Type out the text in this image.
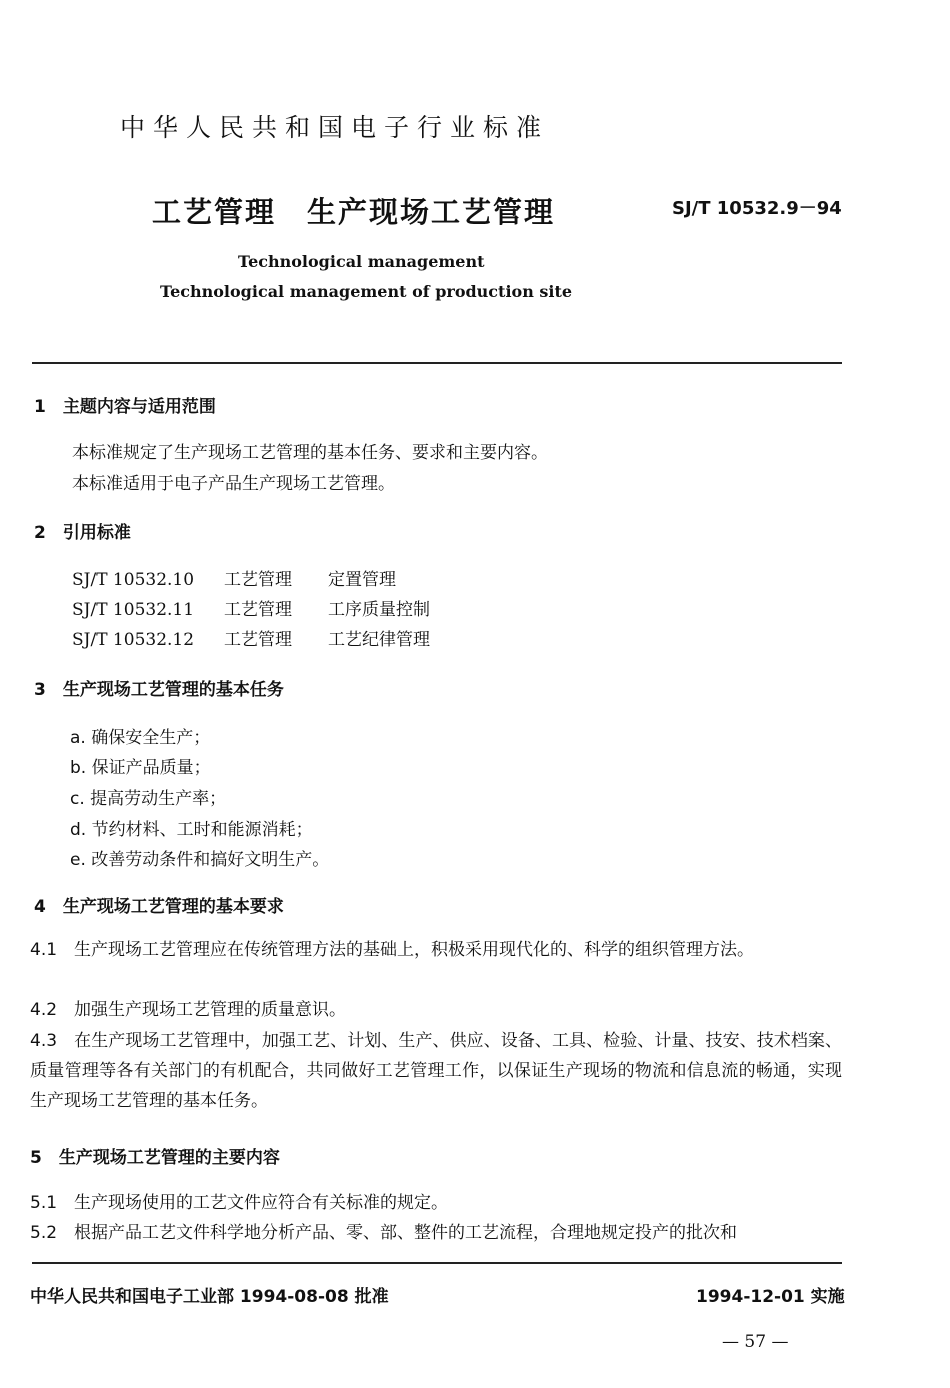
中华人民共和国电子行业标准
工艺管理　生产现场工艺管理	SJ/T 10532.9－94
Technological management
Technological management of production site
1　主题内容与适用范围
本标准规定了生产现场工艺管理的基本任务、要求和主要内容。
本标准适用于电子产品生产现场工艺管理。
2　引用标准
SJ/T 10532.10 工艺管理 定置管理
SJ/T 10532.11 工艺管理 工序质量控制
SJ/T 10532.12 工艺管理 工艺纪律管理
3　生产现场工艺管理的基本任务
a. 确保安全生产；
b. 保证产品质量；
c. 提高劳动生产率；
d. 节约材料、工时和能源消耗；
e. 改善劳动条件和搞好文明生产。
4　生产现场工艺管理的基本要求
4.1　生产现场工艺管理应在传统管理方法的基础上，积极采用现代化的、科学的组织管理方法。
4.2　加强生产现场工艺管理的质量意识。
4.3　在生产现场工艺管理中，加强工艺、计划、生产、供应、设备、工具、检验、计量、技安、技术档案、质量管理等各有关部门的有机配合，共同做好工艺管理工作，以保证生产现场的物流和信息流的畅通，实现生产现场工艺管理的基本任务。
5　生产现场工艺管理的主要内容
5.1　生产现场使用的工艺文件应符合有关标准的规定。
5.2　根据产品工艺文件科学地分析产品、零、部、整件的工艺流程，合理地规定投产的批次和
中华人民共和国电子工业部 1994-08-08 批准	1994-12-01 实施
— 57 —
